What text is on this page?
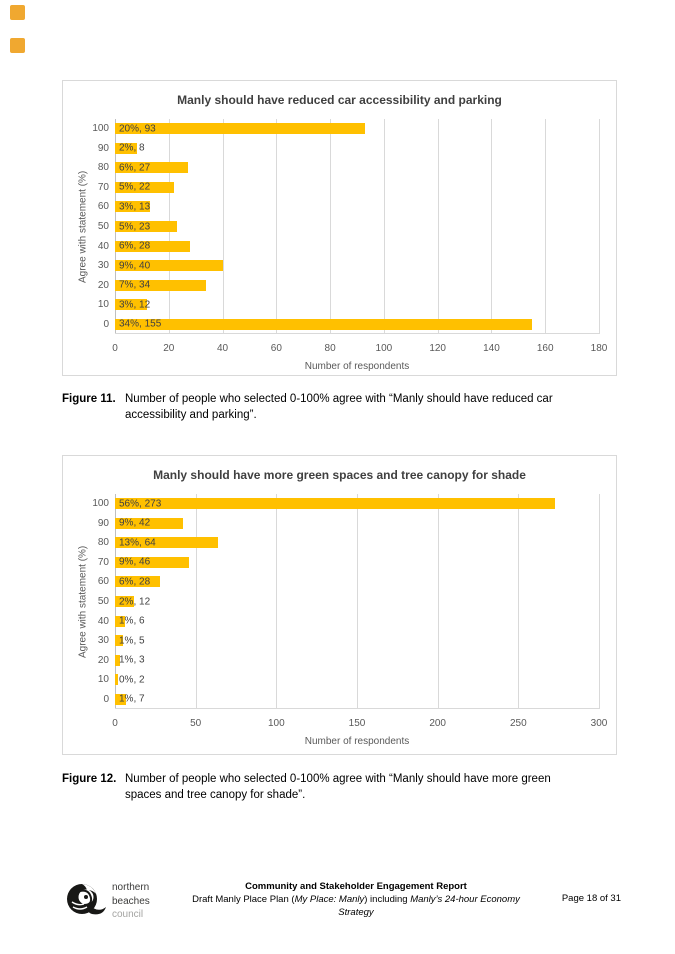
Manly should have reduced car accessibility and parking
Agree with statement (%)
100
90
80
70
60
50
40
30
20
10
0
20%, 93
2%, 8
6%, 27
5%, 22
3%, 13
5%, 23
6%, 28
9%, 40
7%, 34
3%, 12
34%, 155
0	20	40	60	80	100	120	140	160	180
Number of respondents
Figure 11. Number of people who selected 0-100% agree with “Manly should have reduced car accessibility and parking”.
Manly should have more green spaces and tree canopy for shade
Agree with statement (%)
100
90
80
70
60
50
40
30
20
10
0
56%, 273
9%, 42
13%, 64
9%, 46
6%, 28
2%, 12
1%, 6
1%, 5
1%, 3
0%, 2
1%, 7
0	50	100	150	200	250	300
Number of respondents
Figure 12. Number of people who selected 0-100% agree with “Manly should have more green spaces and tree canopy for shade”.
northern
beaches
council
Community and Stakeholder Engagement Report
Draft Manly Place Plan (My Place: Manly) including Manly’s 24-hour Economy
Strategy
Page 18 of 31
